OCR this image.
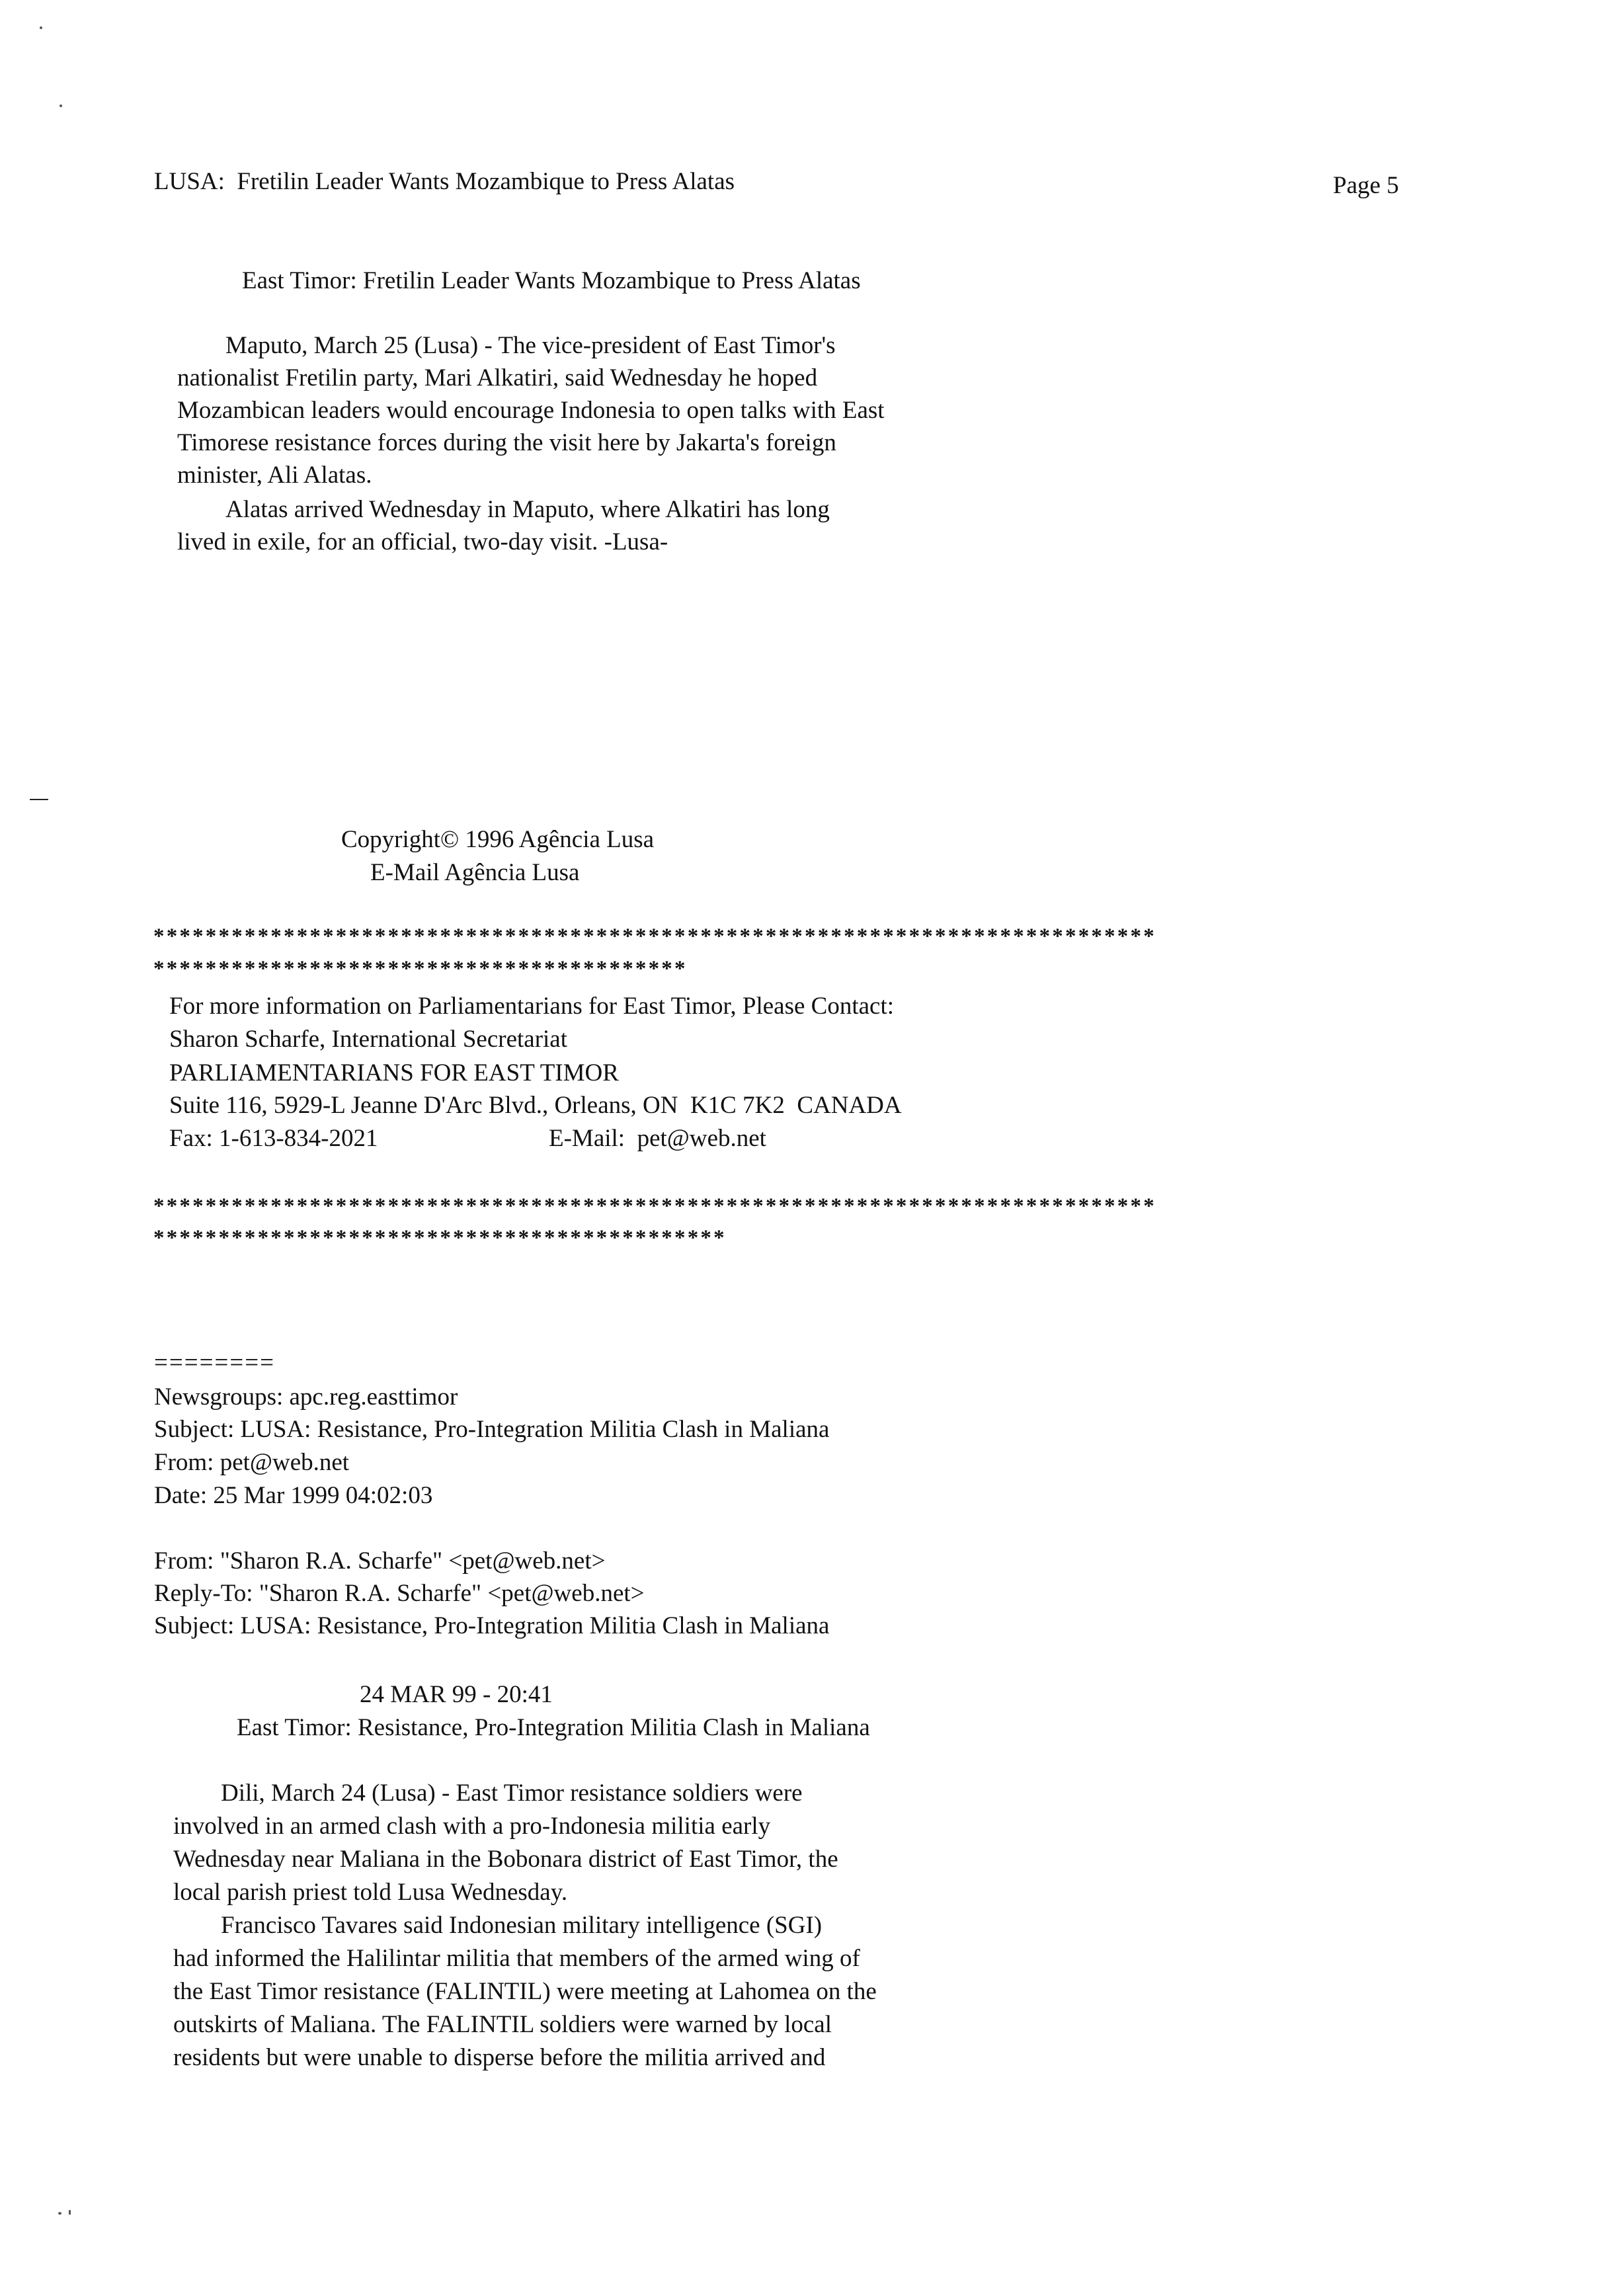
LUSA:  Fretilin Leader Wants Mozambique to Press Alatas	Page 5
East Timor: Fretilin Leader Wants Mozambique to Press Alatas
Maputo, March 25 (Lusa) - The vice-president of East Timor's
nationalist Fretilin party, Mari Alkatiri, said Wednesday he hoped
Mozambican leaders would encourage Indonesia to open talks with East
Timorese resistance forces during the visit here by Jakarta's foreign
minister, Ali Alatas.
Alatas arrived Wednesday in Maputo, where Alkatiri has long
lived in exile, for an official, two-day visit. -Lusa-
Copyright© 1996 Agência Lusa
E-Mail Agência Lusa
*****************************************************************************
*****************************************
For more information on Parliamentarians for East Timor, Please Contact:
Sharon Scharfe, International Secretariat
PARLIAMENTARIANS FOR EAST TIMOR
Suite 116, 5929-L Jeanne D'Arc Blvd., Orleans, ON  K1C 7K2  CANADA
Fax: 1-613-834-2021	E-Mail:  pet@web.net
*****************************************************************************
********************************************
========
Newsgroups: apc.reg.easttimor
Subject: LUSA: Resistance, Pro-Integration Militia Clash in Maliana
From: pet@web.net
Date: 25 Mar 1999 04:02:03
From: "Sharon R.A. Scharfe" <pet@web.net>
Reply-To: "Sharon R.A. Scharfe" <pet@web.net>
Subject: LUSA: Resistance, Pro-Integration Militia Clash in Maliana
24 MAR 99 - 20:41
East Timor: Resistance, Pro-Integration Militia Clash in Maliana
Dili, March 24 (Lusa) - East Timor resistance soldiers were
involved in an armed clash with a pro-Indonesia militia early
Wednesday near Maliana in the Bobonara district of East Timor, the
local parish priest told Lusa Wednesday.
Francisco Tavares said Indonesian military intelligence (SGI)
had informed the Halilintar militia that members of the armed wing of
the East Timor resistance (FALINTIL) were meeting at Lahomea on the
outskirts of Maliana. The FALINTIL soldiers were warned by local
residents but were unable to disperse before the militia arrived and
